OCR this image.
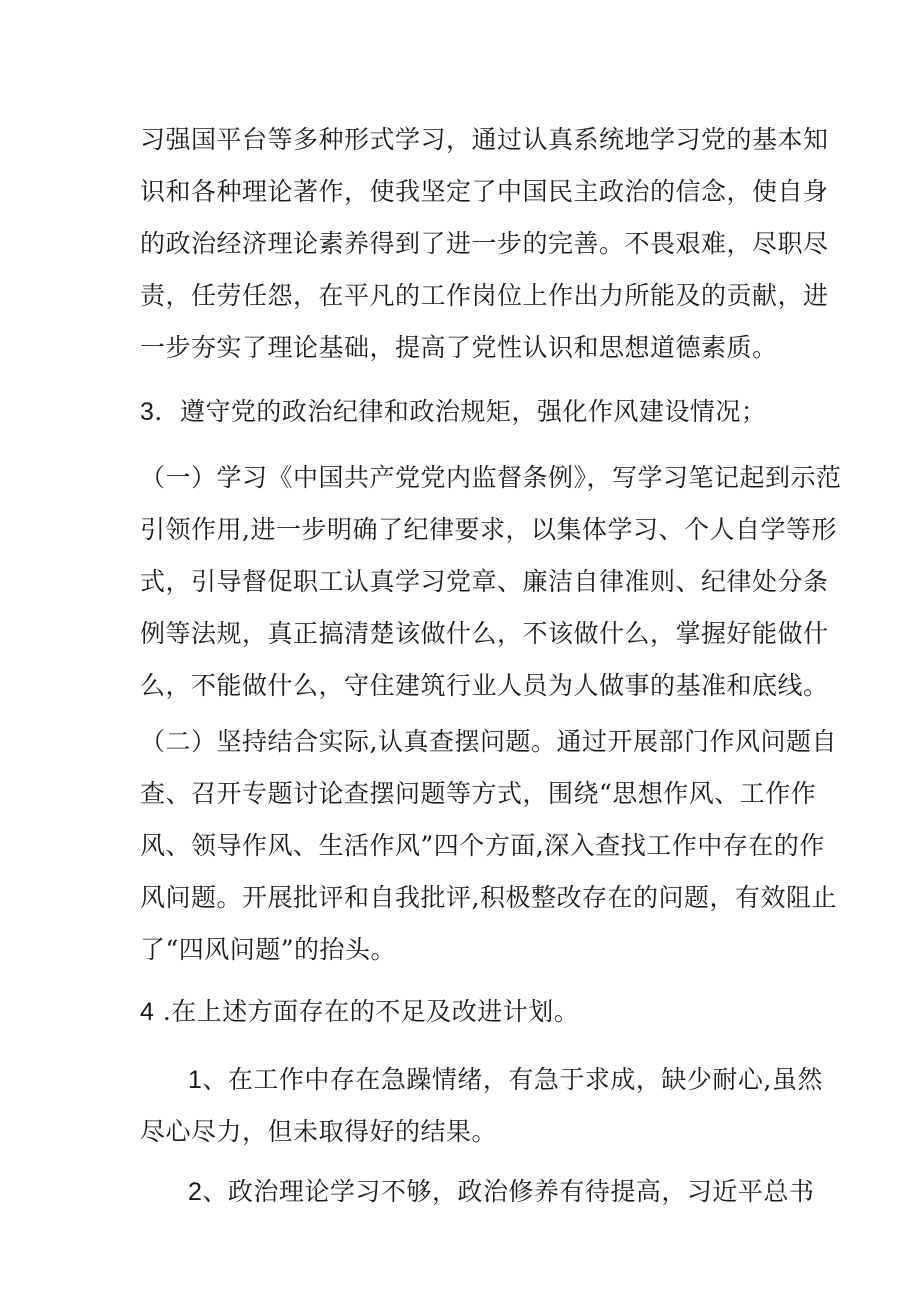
习强国平台等多种形式学习，通过认真系统地学习党的基本知
识和各种理论著作，使我坚定了中国民主政治的信念，使自身
的政治经济理论素养得到了进一步的完善。不畏艰难，尽职尽
责，任劳任怨，在平凡的工作岗位上作出力所能及的贡献，进
一步夯实了理论基础，提高了党性认识和思想道德素质。
3．遵守党的政治纪律和政治规矩，强化作风建设情况；
（一）学习《中国共产党党内监督条例》，写学习笔记起到示范
引领作用,进一步明确了纪律要求，以集体学习、个人自学等形
式，引导督促职工认真学习党章、廉洁自律准则、纪律处分条
例等法规，真正搞清楚该做什么，不该做什么，掌握好能做什
么，不能做什么，守住建筑行业人员为人做事的基准和底线。
（二）坚持结合实际,认真查摆问题。通过开展部门作风问题自
查、召开专题讨论查摆问题等方式，围绕“思想作风、工作作
风、领导作风、生活作风”四个方面,深入查找工作中存在的作
风问题。开展批评和自我批评,积极整改存在的问题，有效阻止
了“四风问题”的抬头。
4 .在上述方面存在的不足及改进计划。
1、在工作中存在急躁情绪，有急于求成，缺少耐心,虽然
尽心尽力，但未取得好的结果。
2、政治理论学习不够，政治修养有待提高，习近平总书
